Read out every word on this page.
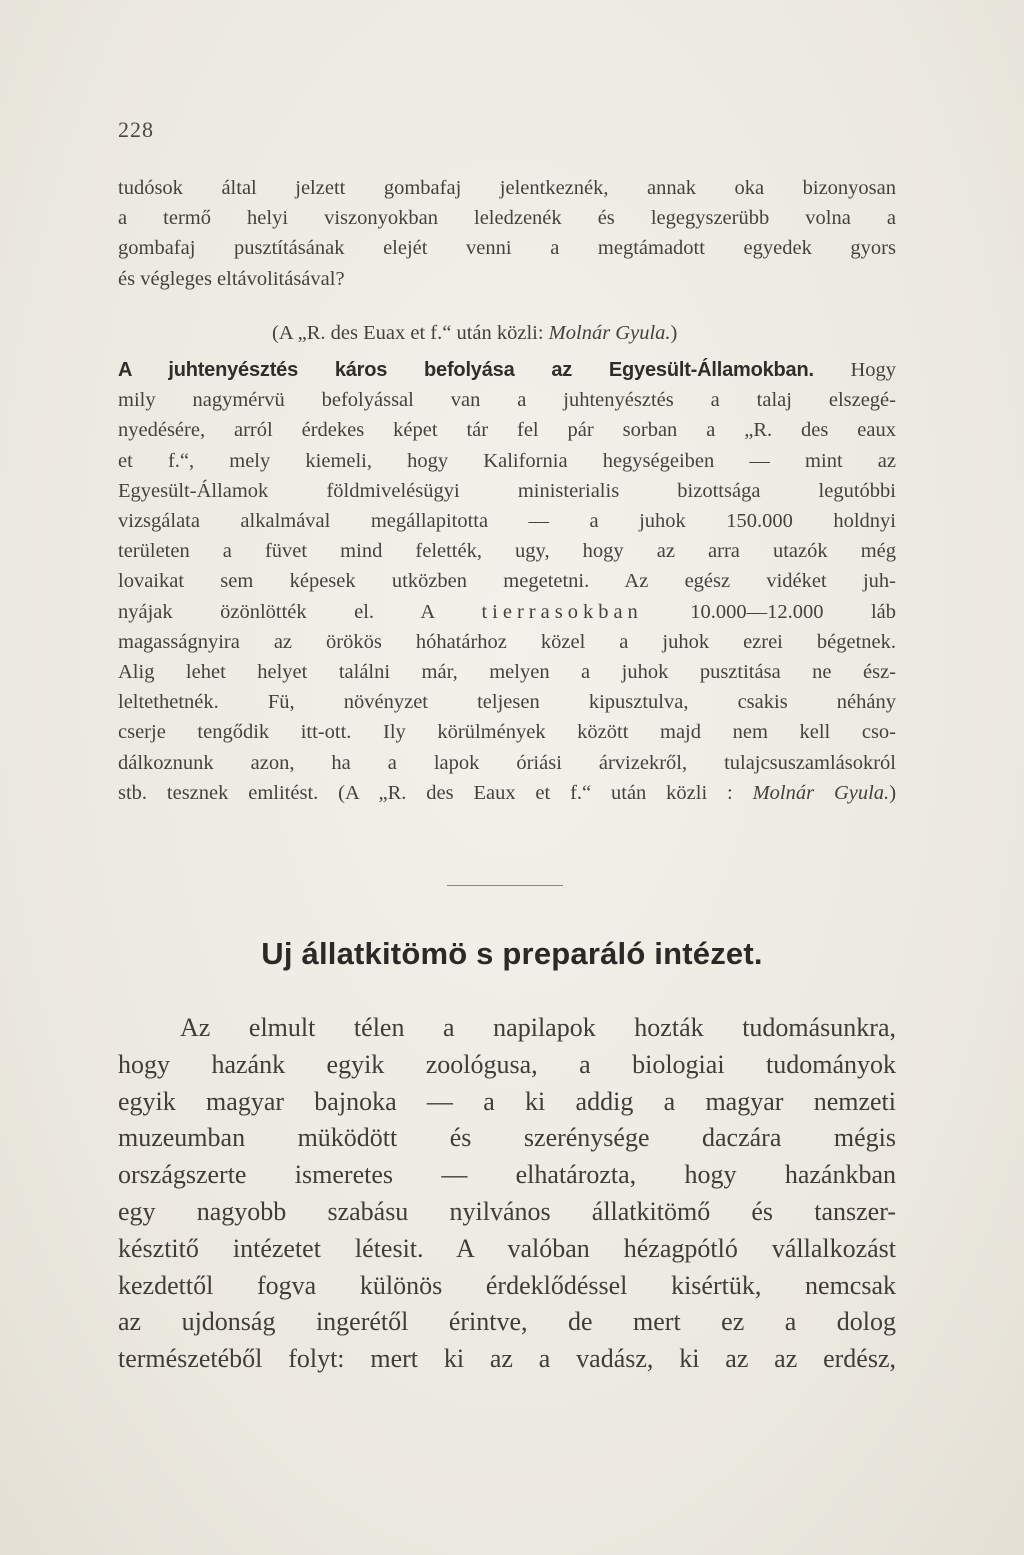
228
tudósok által jelzett gombafaj jelentkeznék, annak oka bizonyosan
a termő helyi viszonyokban leledzenék és legegyszerübb volna a
gombafaj pusztításának elejét venni a megtámadott egyedek gyors
és végleges eltávolitásával?
(A „R. des Euax et f.“ után közli: Molnár Gyula.)
A juhtenyésztés káros befolyása az Egyesült-Államokban. Hogy
mily nagymérvü befolyással van a juhtenyésztés a talaj elszegé-
nyedésére, arról érdekes képet tár fel pár sorban a „R. des eaux
et f.“, mely kiemeli, hogy Kalifornia hegységeiben — mint az
Egyesült-Államok földmivelésügyi ministerialis bizottsága legutóbbi
vizsgálata alkalmával megállapitotta — a juhok 150.000 holdnyi
területen a füvet mind felették, ugy, hogy az arra utazók még
lovaikat sem képesek utközben megetetni. Az egész vidéket juh-
nyájak özönlötték el. A tierrasokban 10.000—12.000 láb
magasságnyira az örökös hóhatárhoz közel a juhok ezrei bégetnek.
Alig lehet helyet találni már, melyen a juhok pusztitása ne ész-
leltethetnék. Fü, növényzet teljesen kipusztulva, csakis néhány
cserje tengődik itt-ott. Ily körülmények között majd nem kell cso-
dálkoznunk azon, ha a lapok óriási árvizekről, tulajcsuszamlásokról
stb. tesznek emlitést. (A „R. des Eaux et f.“ után közli : Molnár Gyula.)
Uj állatkitömö s preparáló intézet.
Az elmult télen a napilapok hozták tudomásunkra,
hogy hazánk egyik zoológusa, a biologiai tudományok
egyik magyar bajnoka — a ki addig a magyar nemzeti
muzeumban müködött és szerénysége daczára mégis
országszerte ismeretes — elhatározta, hogy hazánkban
egy nagyobb szabásu nyilvános állatkitömő és tanszer-
késztitő intézetet létesit. A valóban hézagpótló vállalkozást
kezdettől fogva különös érdeklődéssel kisértük, nemcsak
az ujdonság ingerétől érintve, de mert ez a dolog
természetéből folyt: mert ki az a vadász, ki az az erdész,
